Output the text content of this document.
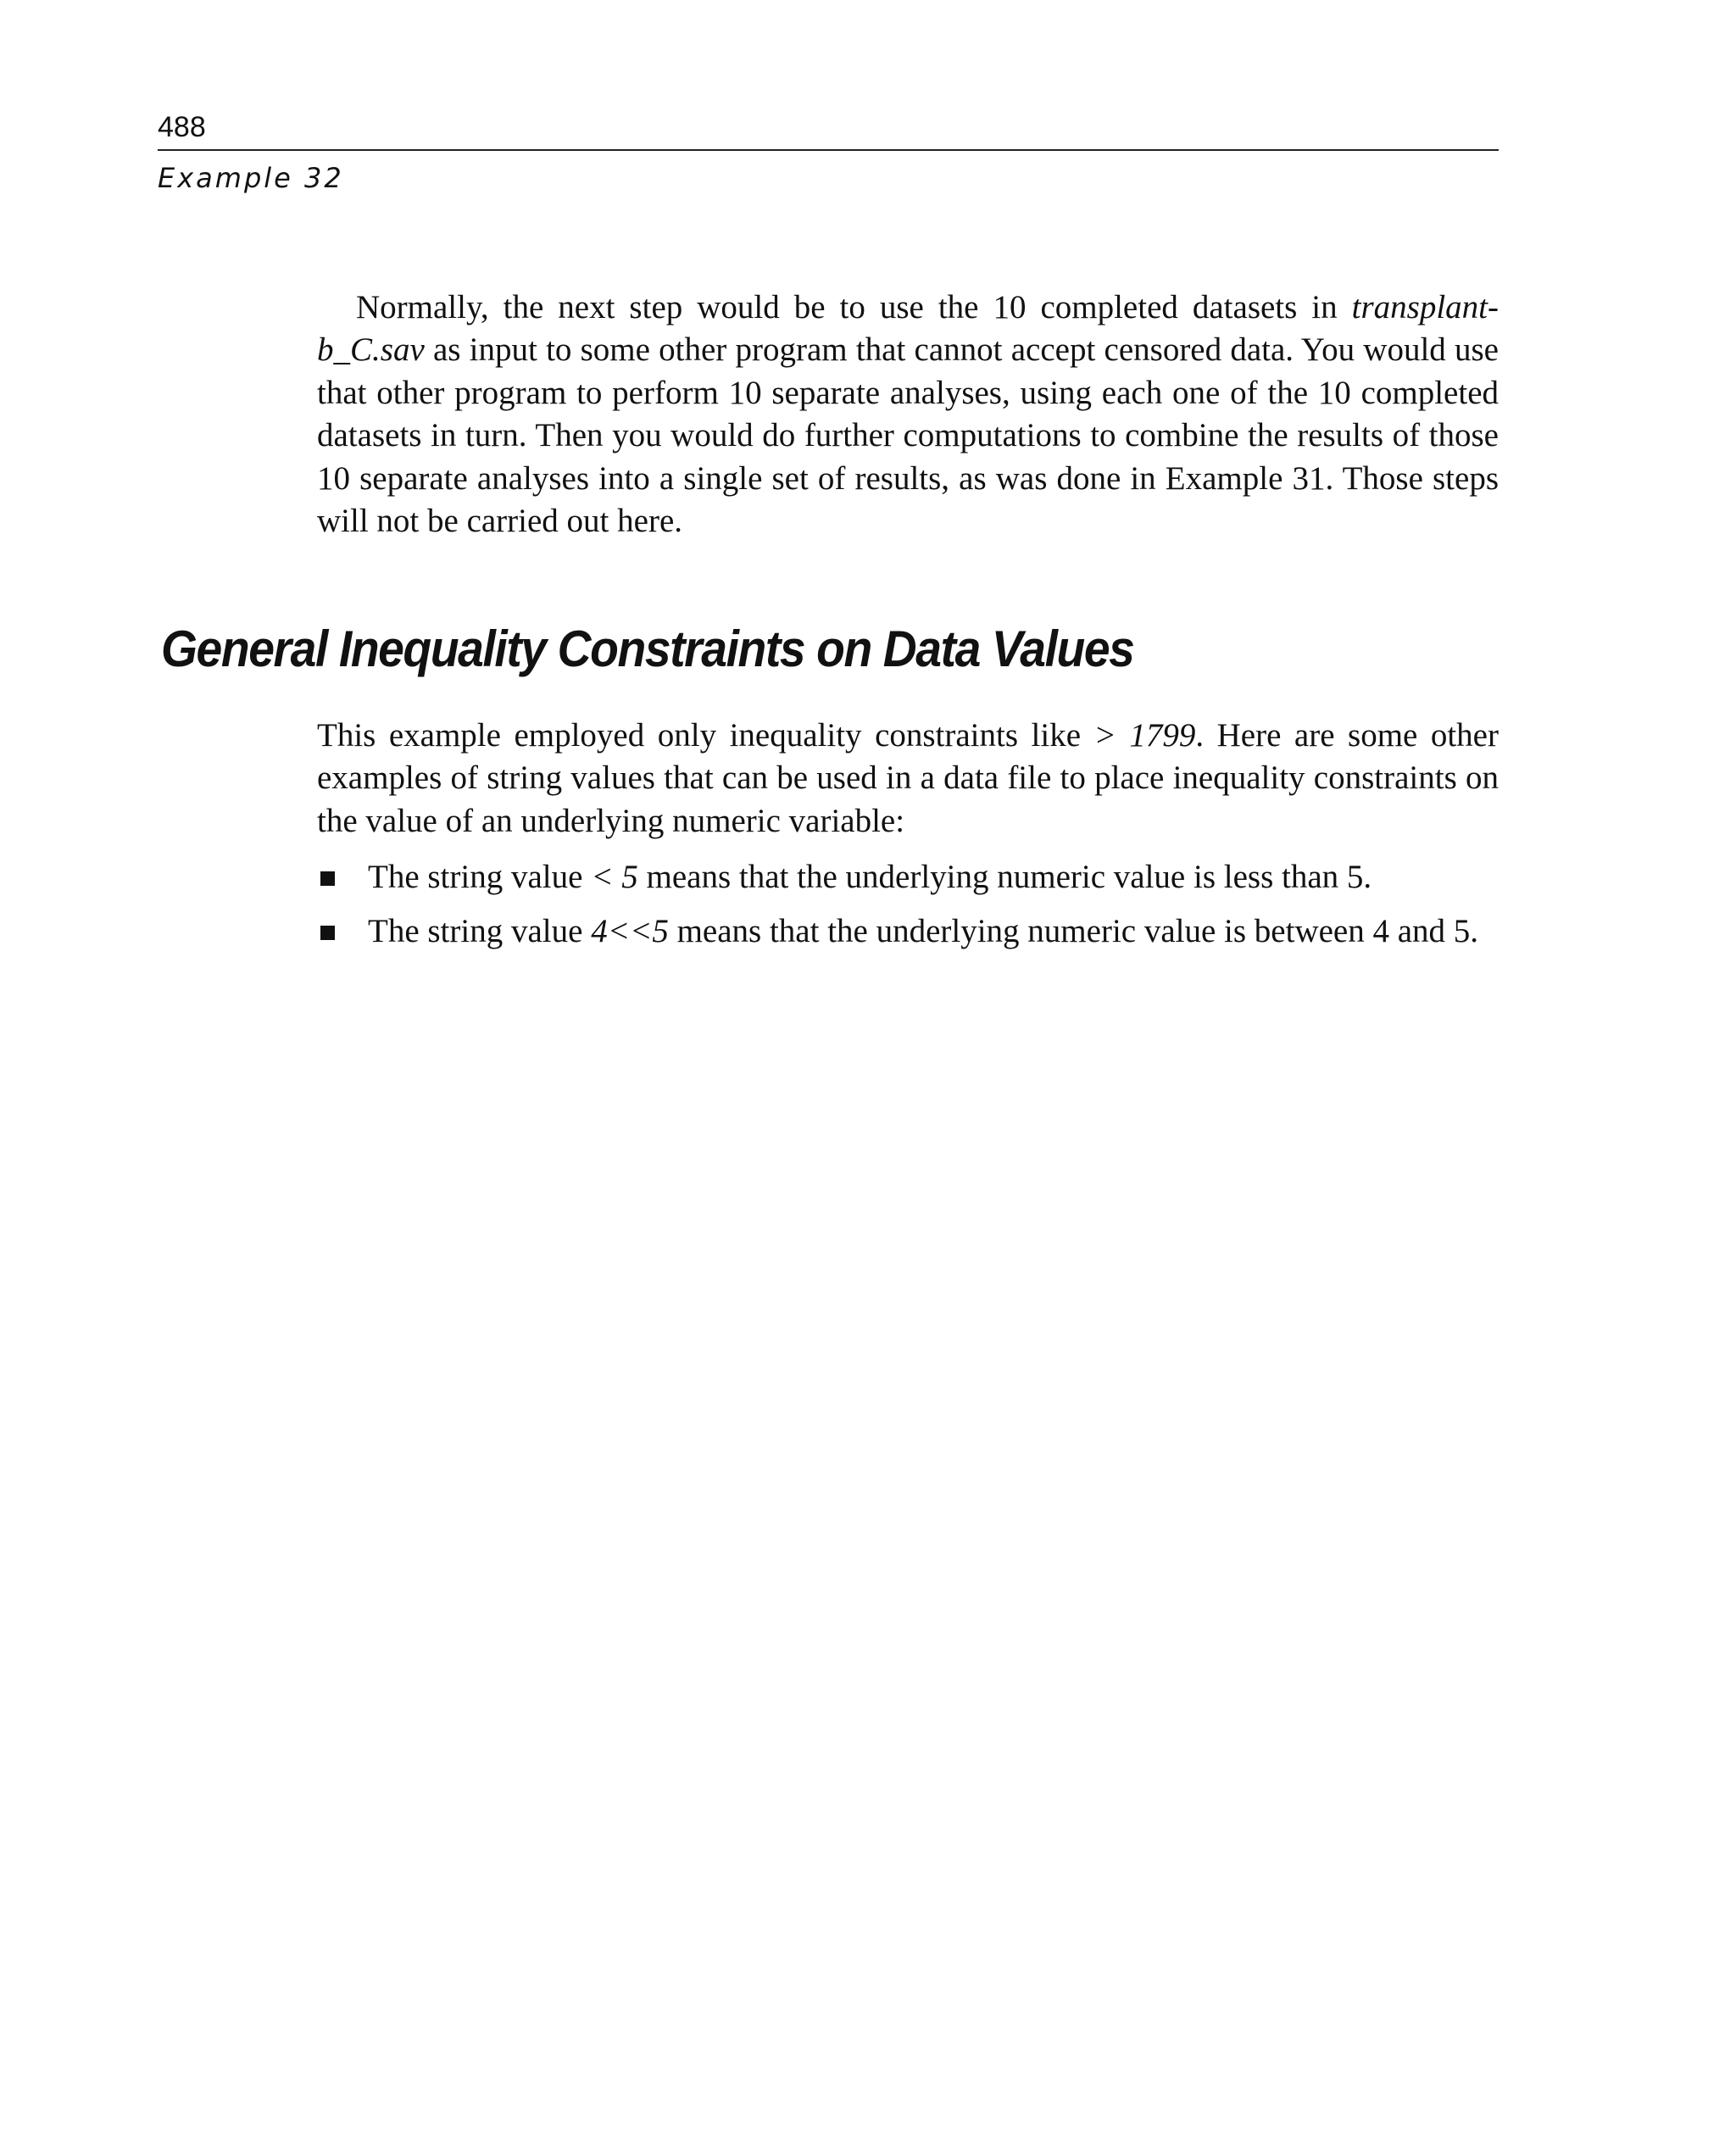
488
Example 32

Normally, the next step would be to use the 10 completed datasets in transplant-b_C.sav as input to some other program that cannot accept censored data. You would use that other program to perform 10 separate analyses, using each one of the 10 completed datasets in turn. Then you would do further computations to combine the results of those 10 separate analyses into a single set of results, as was done in Example 31. Those steps will not be carried out here.

General Inequality Constraints on Data Values

This example employed only inequality constraints like > 1799. Here are some other examples of string values that can be used in a data file to place inequality constraints on the value of an underlying numeric variable:

The string value < 5 means that the underlying numeric value is less than 5.
The string value 4<<5 means that the underlying numeric value is between 4 and 5.
